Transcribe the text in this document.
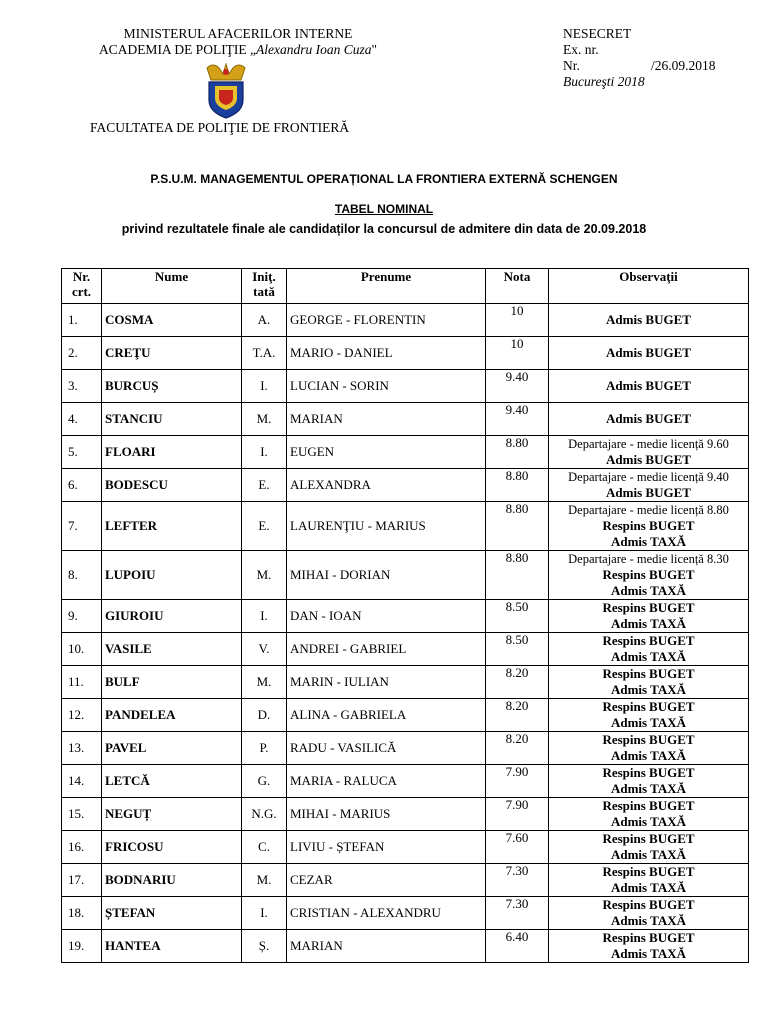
MINISTERUL AFACERILOR INTERNE
ACADEMIA DE POLIŢIE „Alexandru Ioan Cuza"
FACULTATEA DE POLIŢIE DE FRONTIERĂ
NESECRET
Ex. nr.
Nr.	/26.09.2018
Bucureşti 2018
P.S.U.M. MANAGEMENTUL OPERAȚIONAL LA FRONTIERA EXTERNĂ SCHENGEN
TABEL NOMINAL
privind rezultatele finale ale candidaților la concursul de admitere din data de 20.09.2018
Nr. crt.	Nume	Iniţ. tată	Prenume	Nota	Observaţii
1.	COSMA	A.	GEORGE - FLORENTIN	10	Admis BUGET

2.	CREŢU	T.A.	MARIO - DANIEL	10	Admis BUGET

3.	BURCUȘ	I.	LUCIAN - SORIN	9.40	Admis BUGET

4.	STANCIU	M.	MARIAN	9.40	Admis BUGET

5.	FLOARI	I.	EUGEN	8.80	Departajare - medie licență 9.60
Admis BUGET

6.	BODESCU	E.	ALEXANDRA	8.80	Departajare - medie licență 9.40
Admis BUGET

7.	LEFTER	E.	LAURENŢIU - MARIUS	8.80	Departajare - medie licență 8.80
Respins BUGET
Admis TAXĂ

8.	LUPOIU	M.	MIHAI - DORIAN	8.80	Departajare - medie licență 8.30
Respins BUGET
Admis TAXĂ

9.	GIUROIU	I.	DAN - IOAN	8.50	Respins BUGET
Admis TAXĂ

10.	VASILE	V.	ANDREI - GABRIEL	8.50	Respins BUGET
Admis TAXĂ

11.	BULF	M.	MARIN - IULIAN	8.20	Respins BUGET
Admis TAXĂ

12.	PANDELEA	D.	ALINA - GABRIELA	8.20	Respins BUGET
Admis TAXĂ

13.	PAVEL	P.	RADU - VASILICĂ	8.20	Respins BUGET
Admis TAXĂ

14.	LETCĂ	G.	MARIA - RALUCA	7.90	Respins BUGET
Admis TAXĂ

15.	NEGUȚ	N.G.	MIHAI - MARIUS	7.90	Respins BUGET
Admis TAXĂ

16.	FRICOSU	C.	LIVIU - ȘTEFAN	7.60	Respins BUGET
Admis TAXĂ

17.	BODNARIU	M.	CEZAR	7.30	Respins BUGET
Admis TAXĂ

18.	ȘTEFAN	I.	CRISTIAN - ALEXANDRU	7.30	Respins BUGET
Admis TAXĂ

19.	HANTEA	Ș.	MARIAN	6.40	Respins BUGET
Admis TAXĂ
